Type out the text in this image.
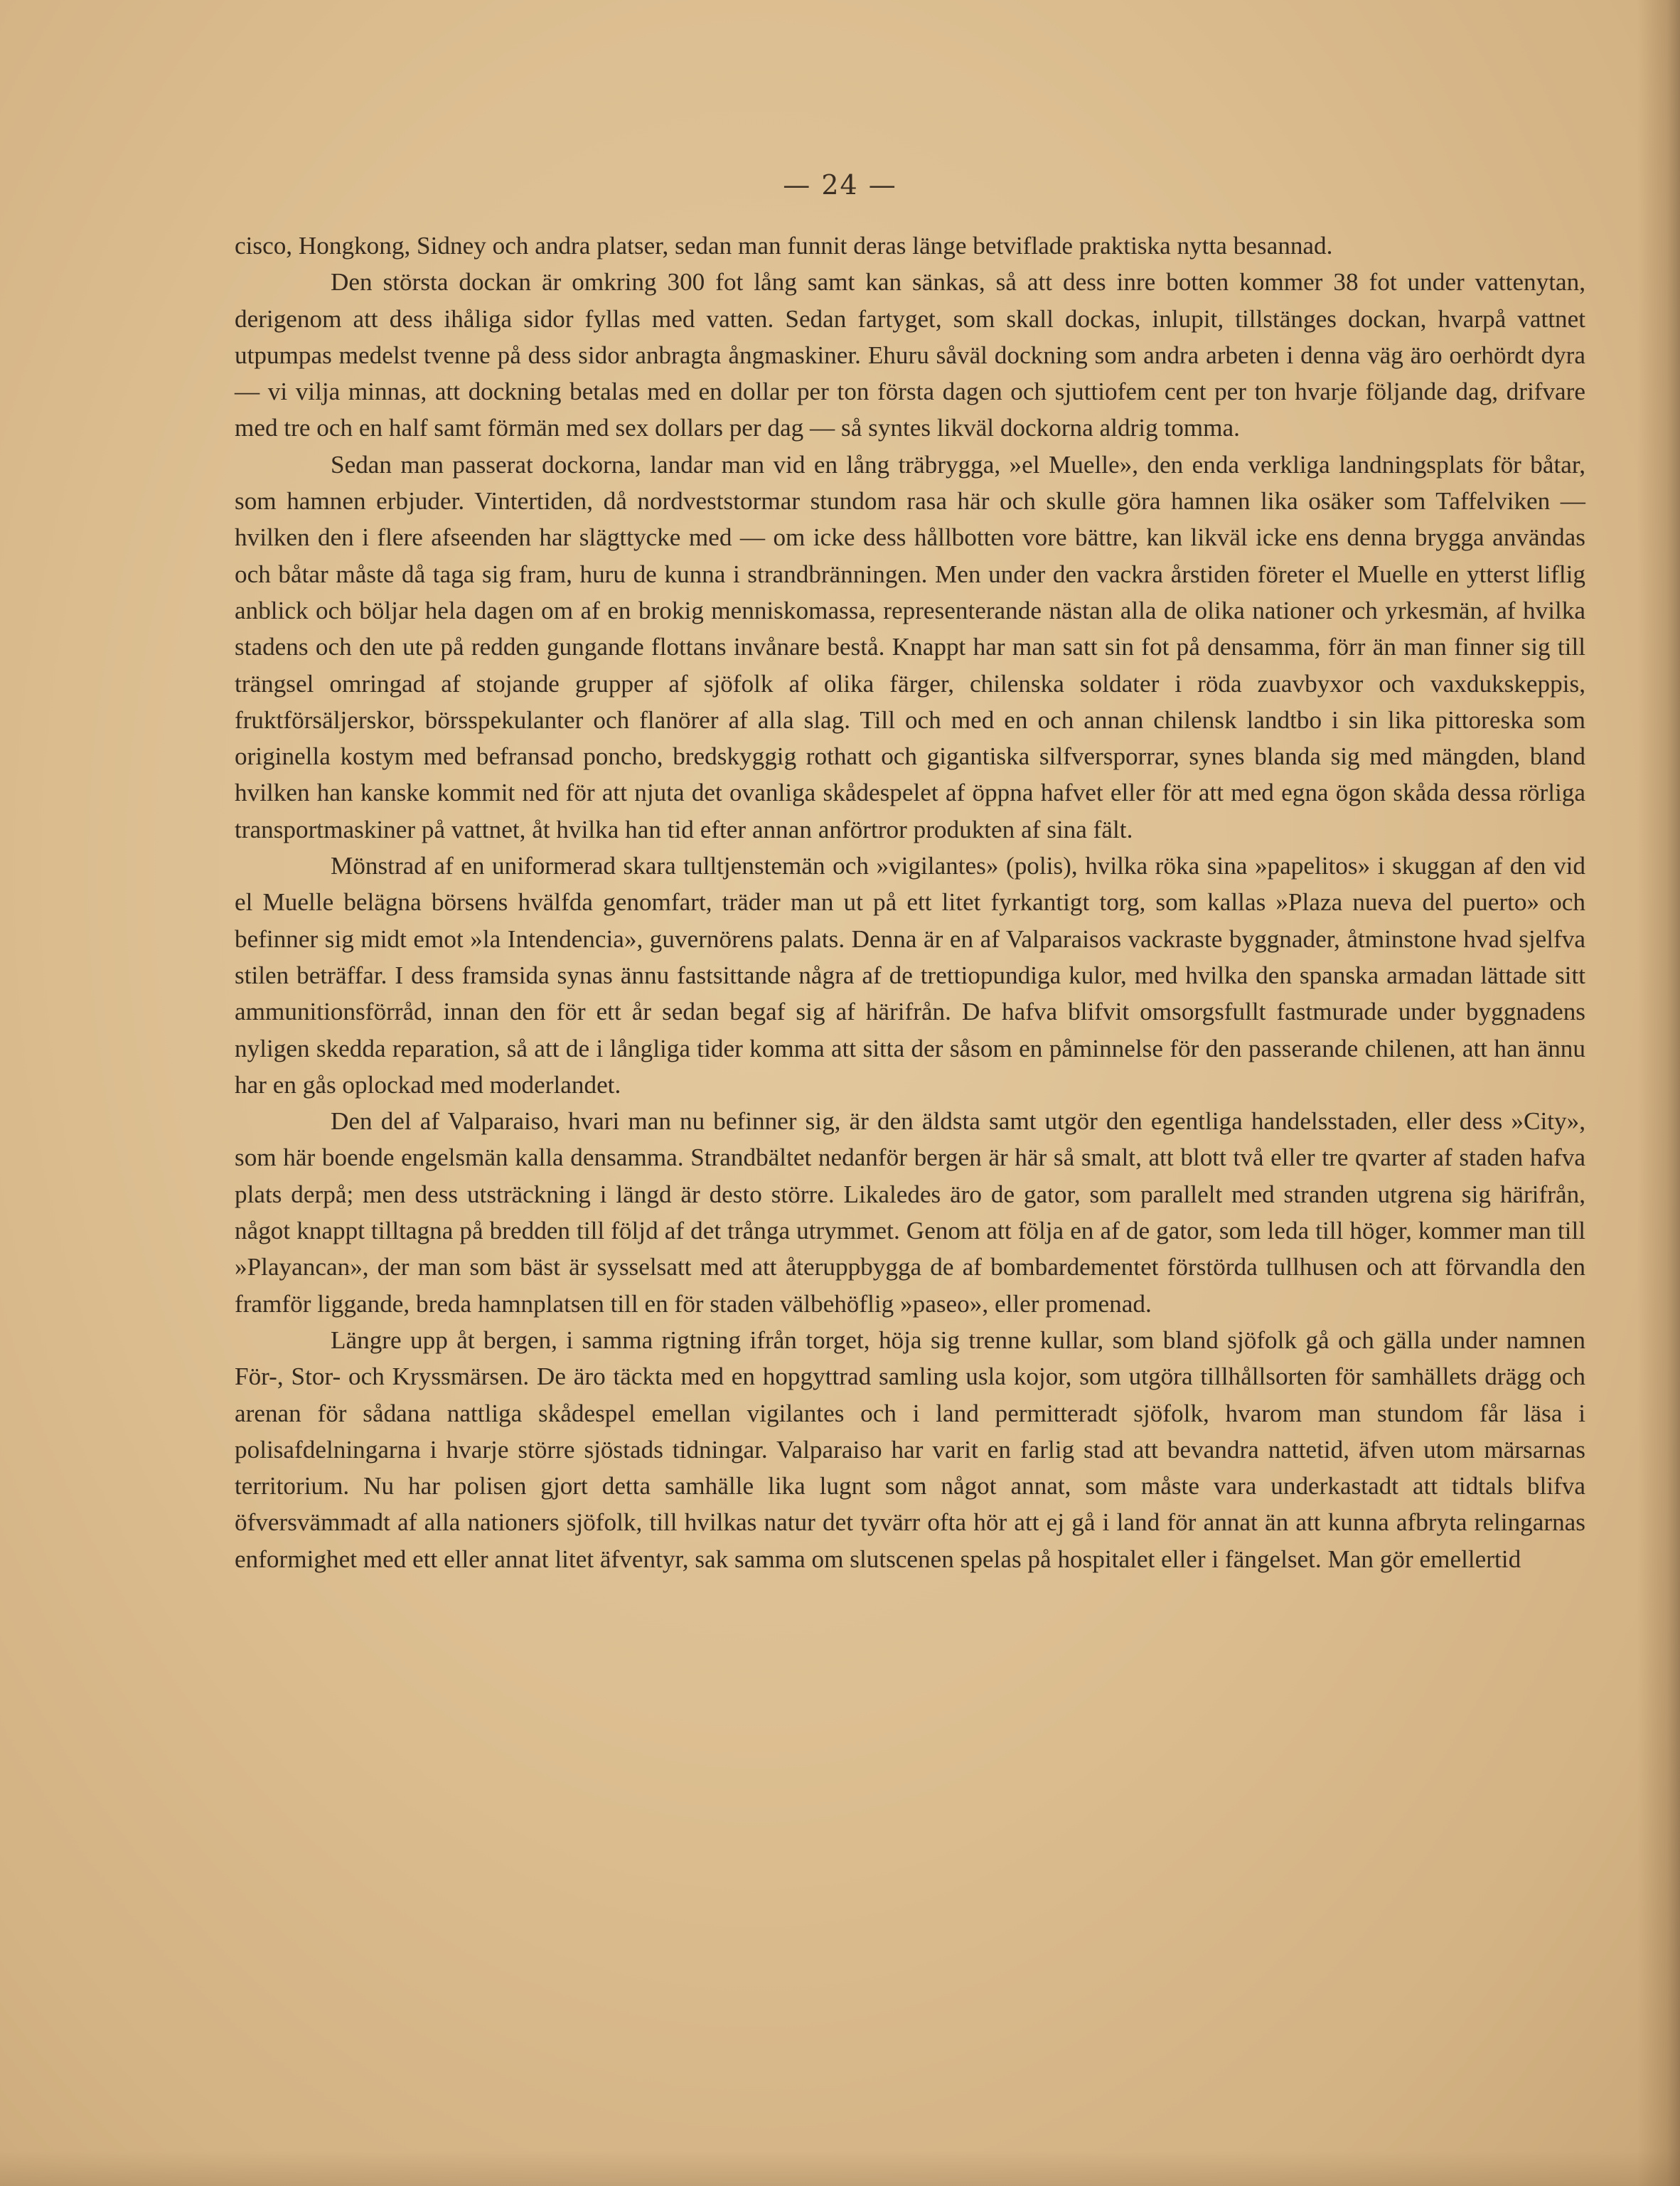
— 24 —

cisco, Hongkong, Sidney och andra platser, sedan man funnit deras länge betviflade praktiska nytta besannad.

Den största dockan är omkring 300 fot lång samt kan sänkas, så att dess inre botten kommer 38 fot under vattenytan, derigenom att dess ihåliga sidor fyllas med vatten. Sedan fartyget, som skall dockas, inlupit, tillstänges dockan, hvarpå vattnet utpumpas medelst tvenne på dess sidor anbragta ångmaskiner. Ehuru såväl dockning som andra arbeten i denna väg äro oerhördt dyra — vi vilja minnas, att dockning betalas med en dollar per ton första dagen och sjuttiofem cent per ton hvarje följande dag, drifvare med tre och en half samt förmän med sex dollars per dag — så syntes likväl dockorna aldrig tomma.

Sedan man passerat dockorna, landar man vid en lång träbrygga, »el Muelle», den enda verkliga landningsplats för båtar, som hamnen erbjuder. Vintertiden, då nordveststormar stundom rasa här och skulle göra hamnen lika osäker som Taffelviken — hvilken den i flere afseenden har slägttycke med — om icke dess hållbotten vore bättre, kan likväl icke ens denna brygga användas och båtar måste då taga sig fram, huru de kunna i strandbränningen. Men under den vackra årstiden företer el Muelle en ytterst liflig anblick och böljar hela dagen om af en brokig menniskomassa, representerande nästan alla de olika nationer och yrkesmän, af hvilka stadens och den ute på redden gungande flottans invånare bestå. Knappt har man satt sin fot på densamma, förr än man finner sig till trängsel omringad af stojande grupper af sjöfolk af olika färger, chilenska soldater i röda zuavbyxor och vaxdukskeppis, fruktförsäljerskor, börsspekulanter och flanörer af alla slag. Till och med en och annan chilensk landtbo i sin lika pittoreska som originella kostym med befransad poncho, bredskyggig rothatt och gigantiska silfversporrar, synes blanda sig med mängden, bland hvilken han kanske kommit ned för att njuta det ovanliga skådespelet af öppna hafvet eller för att med egna ögon skåda dessa rörliga transportmaskiner på vattnet, åt hvilka han tid efter annan anförtror produkten af sina fält.

Mönstrad af en uniformerad skara tulltjenstemän och »vigilantes» (polis), hvilka röka sina »papelitos» i skuggan af den vid el Muelle belägna börsens hvälfda genomfart, träder man ut på ett litet fyrkantigt torg, som kallas »Plaza nueva del puerto» och befinner sig midt emot »la Intendencia», guvernörens palats. Denna är en af Valparaisos vackraste byggnader, åtminstone hvad sjelfva stilen beträffar. I dess framsida synas ännu fastsittande några af de trettiopundiga kulor, med hvilka den spanska armadan lättade sitt ammunitionsförråd, innan den för ett år sedan begaf sig af härifrån. De hafva blifvit omsorgsfullt fastmurade under byggnadens nyligen skedda reparation, så att de i långliga tider komma att sitta der såsom en påminnelse för den passerande chilenen, att han ännu har en gås oplockad med moderlandet.

Den del af Valparaiso, hvari man nu befinner sig, är den äldsta samt utgör den egentliga handelsstaden, eller dess »City», som här boende engelsmän kalla densamma. Strandbältet nedanför bergen är här så smalt, att blott två eller tre qvarter af staden hafva plats derpå; men dess utsträckning i längd är desto större. Likaledes äro de gator, som parallelt med stranden utgrena sig härifrån, något knappt tilltagna på bredden till följd af det trånga utrymmet. Genom att följa en af de gator, som leda till höger, kommer man till »Playancan», der man som bäst är sysselsatt med att återuppbygga de af bombardementet förstörda tullhusen och att förvandla den framför liggande, breda hamnplatsen till en för staden välbehöflig »paseo», eller promenad.

Längre upp åt bergen, i samma rigtning ifrån torget, höja sig trenne kullar, som bland sjöfolk gå och gälla under namnen För-, Stor- och Kryssmärsen. De äro täckta med en hopgyttrad samling usla kojor, som utgöra tillhållsorten för samhällets drägg och arenan för sådana nattliga skådespel emellan vigilantes och i land permitteradt sjöfolk, hvarom man stundom får läsa i polisafdelningarna i hvarje större sjöstads tidningar. Valparaiso har varit en farlig stad att bevandra nattetid, äfven utom märsarnas territorium. Nu har polisen gjort detta samhälle lika lugnt som något annat, som måste vara underkastadt att tidtals blifva öfversvämmadt af alla nationers sjöfolk, till hvilkas natur det tyvärr ofta hör att ej gå i land för annat än att kunna afbryta relingarnas enformighet med ett eller annat litet äfventyr, sak samma om slutscenen spelas på hospitalet eller i fängelset. Man gör emellertid
